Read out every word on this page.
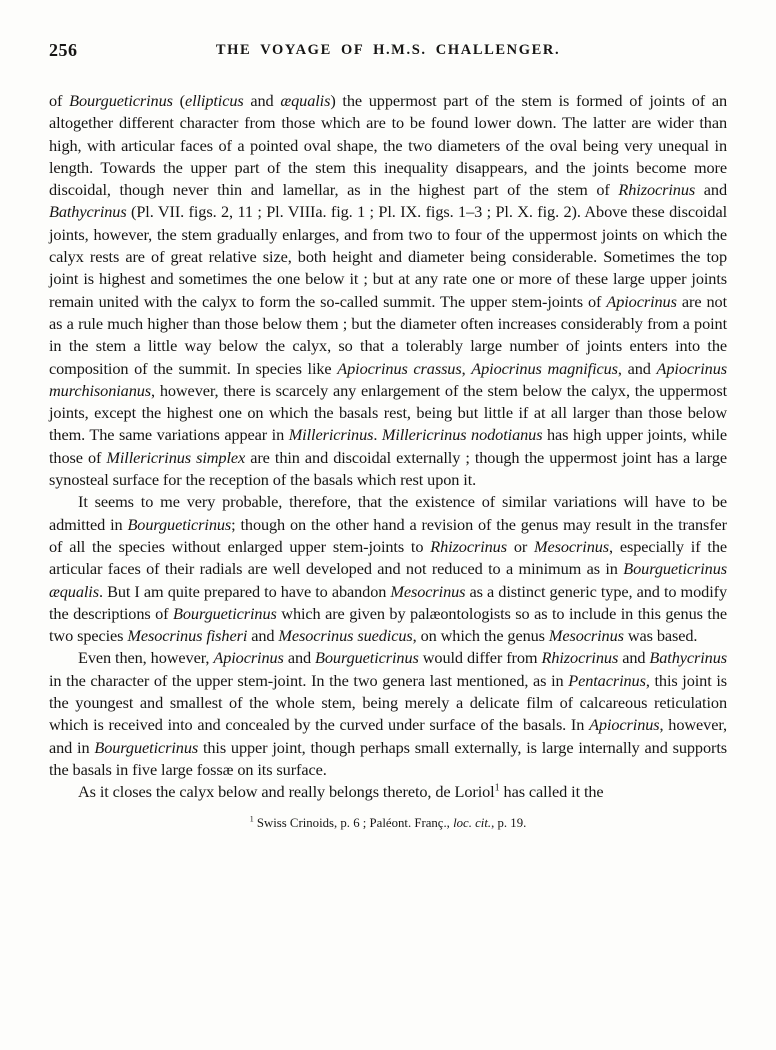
256	THE VOYAGE OF H.M.S. CHALLENGER.

of Bourgueticrinus (ellipticus and æqualis) the uppermost part of the stem is formed of joints of an altogether different character from those which are to be found lower down. The latter are wider than high, with articular faces of a pointed oval shape, the two diameters of the oval being very unequal in length. Towards the upper part of the stem this inequality disappears, and the joints become more discoidal, though never thin and lamellar, as in the highest part of the stem of Rhizocrinus and Bathycrinus (Pl. VII. figs. 2, 11 ; Pl. VIIIa. fig. 1 ; Pl. IX. figs. 1–3 ; Pl. X. fig. 2). Above these discoidal joints, however, the stem gradually enlarges, and from two to four of the uppermost joints on which the calyx rests are of great relative size, both height and diameter being considerable. Sometimes the top joint is highest and sometimes the one below it ; but at any rate one or more of these large upper joints remain united with the calyx to form the so-called summit. The upper stem-joints of Apiocrinus are not as a rule much higher than those below them ; but the diameter often increases considerably from a point in the stem a little way below the calyx, so that a tolerably large number of joints enters into the composition of the summit. In species like Apiocrinus crassus, Apiocrinus magnificus, and Apiocrinus murchisonianus, however, there is scarcely any enlargement of the stem below the calyx, the uppermost joints, except the highest one on which the basals rest, being but little if at all larger than those below them. The same variations appear in Millericrinus. Millericrinus nodotianus has high upper joints, while those of Millericrinus simplex are thin and discoidal externally ; though the uppermost joint has a large synosteal surface for the reception of the basals which rest upon it.

It seems to me very probable, therefore, that the existence of similar variations will have to be admitted in Bourgueticrinus; though on the other hand a revision of the genus may result in the transfer of all the species without enlarged upper stem-joints to Rhizocrinus or Mesocrinus, especially if the articular faces of their radials are well developed and not reduced to a minimum as in Bourgueticrinus æqualis. But I am quite prepared to have to abandon Mesocrinus as a distinct generic type, and to modify the descriptions of Bourgueticrinus which are given by palæontologists so as to include in this genus the two species Mesocrinus fisheri and Mesocrinus suedicus, on which the genus Mesocrinus was based.

Even then, however, Apiocrinus and Bourgueticrinus would differ from Rhizocrinus and Bathycrinus in the character of the upper stem-joint. In the two genera last mentioned, as in Pentacrinus, this joint is the youngest and smallest of the whole stem, being merely a delicate film of calcareous reticulation which is received into and concealed by the curved under surface of the basals. In Apiocrinus, however, and in Bourgueticrinus this upper joint, though perhaps small externally, is large internally and supports the basals in five large fossæ on its surface.

As it closes the calyx below and really belongs thereto, de Loriol$^1$ has called it the

$^1$ Swiss Crinoids, p. 6 ; Paléont. Franç., loc. cit., p. 19.
